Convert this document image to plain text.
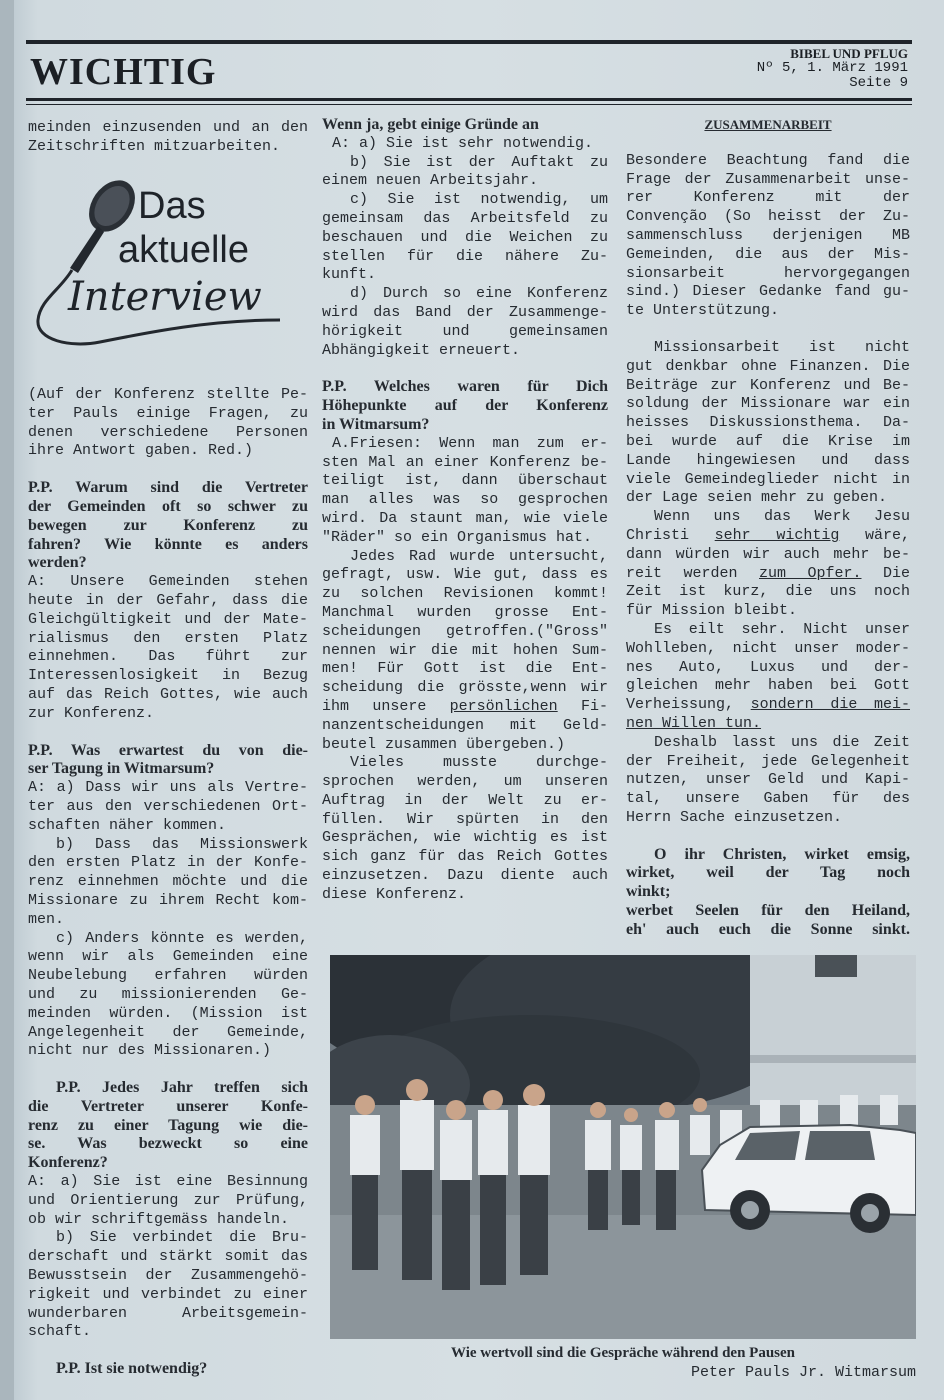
WICHTIG	BIBEL UND PFLUG
Nº 5, 1. März 1991
Seite 9
Das
aktuelle
Interview

meinden einzusenden und an den

Zeitschriften mitzuarbeiten.

(Auf der Konferenz stellte Pe-

ter Pauls einige Fragen, zu

denen verschiedene Personen

ihre Antwort gaben. Red.)

P.P. Warum sind die Vertreter

der Gemeinden oft so schwer zu

bewegen zur Konferenz zu

fahren? Wie könnte es anders

werden?

A: Unsere Gemeinden stehen

heute in der Gefahr, dass die

Gleichgültigkeit und der Mate-

rialismus den ersten Platz

einnehmen. Das führt zur

Interessenlosigkeit in Bezug

auf das Reich Gottes, wie auch

zur Konferenz.

P.P. Was erwartest du von die-

ser Tagung in Witmarsum?

A: a) Dass wir uns als Vertre-

ter aus den verschiedenen Ort-

schaften näher kommen.

b) Dass das Missionswerk

den ersten Platz in der Konfe-

renz einnehmen möchte und die

Missionare zu ihrem Recht kom-

men.

c) Anders könnte es werden,

wenn wir als Gemeinden eine

Neubelebung erfahren würden

und zu missionierenden Ge-

meinden würden. (Mission ist

Angelegenheit der Gemeinde,

nicht nur des Missionaren.)

P.P. Jedes Jahr treffen sich

die Vertreter unserer Konfe-

renz zu einer Tagung wie die-

se. Was bezweckt so eine

Konferenz?

A: a) Sie ist eine Besinnung

und Orientierung zur Prüfung,

ob wir schriftgemäss handeln.

b) Sie verbindet die Bru-

derschaft und stärkt somit das

Bewusstsein der Zusammengehö-

rigkeit und verbindet zu einer

wunderbaren Arbeitsgemein-

schaft.

P.P. Ist sie notwendig?

Wenn ja, gebt einige Gründe an

A: a) Sie ist sehr notwendig.

b) Sie ist der Auftakt zu

einem neuen Arbeitsjahr.

c) Sie ist notwendig, um

gemeinsam das Arbeitsfeld zu

beschauen und die Weichen zu

stellen für die nähere Zu-

kunft.

d) Durch so eine Konferenz

wird das Band der Zusammenge-

hörigkeit und gemeinsamen

Abhängigkeit erneuert.

P.P. Welches waren für Dich

Höhepunkte auf der Konferenz

in Witmarsum?

A.Friesen: Wenn man zum er-

sten Mal an einer Konferenz be-

teiligt ist, dann überschaut

man alles was so gesprochen

wird. Da staunt man, wie viele

"Räder" so ein Organismus hat.

Jedes Rad wurde untersucht,

gefragt, usw. Wie gut, dass es

zu solchen Revisionen kommt!

Manchmal wurden grosse Ent-

scheidungen getroffen.("Gross"

nennen wir die mit hohen Sum-

men! Für Gott ist die Ent-

scheidung die grösste,wenn wir

ihm unsere persönlichen Fi-

nanzentscheidungen mit Geld-

beutel zusammen übergeben.)

Vieles musste durchge-

sprochen werden, um unseren

Auftrag in der Welt zu er-

füllen. Wir spürten in den

Gesprächen, wie wichtig es ist

sich ganz für das Reich Gottes

einzusetzen. Dazu diente auch

diese Konferenz.

ZUSAMMENARBEIT

Besondere Beachtung fand die

Frage der Zusammenarbeit unse-

rer Konferenz mit der

Convenção (So heisst der Zu-

sammenschluss derjenigen MB

Gemeinden, die aus der Mis-

sionsarbeit hervorgegangen

sind.) Dieser Gedanke fand gu-

te Unterstützung.

Missionsarbeit ist nicht

gut denkbar ohne Finanzen. Die

Beiträge zur Konferenz und Be-

soldung der Missionare war ein

heisses Diskussionsthema. Da-

bei wurde auf die Krise im

Lande hingewiesen und dass

viele Gemeindeglieder nicht in

der Lage seien mehr zu geben.

Wenn uns das Werk Jesu

Christi sehr wichtig wäre,

dann würden wir auch mehr be-

reit werden zum Opfer. Die

Zeit ist kurz, die uns noch

für Mission bleibt.

Es eilt sehr. Nicht unser

Wohlleben, nicht unser moder-

nes Auto, Luxus und der-

gleichen mehr haben bei Gott

Verheissung, sondern die mei-

nen Willen tun.

Deshalb lasst uns die Zeit

der Freiheit, jede Gelegenheit

nutzen, unser Geld und Kapi-

tal, unsere Gaben für des

Herrn Sache einzusetzen.

O ihr Christen, wirket emsig,

wirket, weil der Tag noch

winkt;

werbet Seelen für den Heiland,

eh' auch euch die Sonne sinkt.

Wie wertvoll sind die Gespräche während den Pausen
Peter Pauls Jr. Witmarsum
